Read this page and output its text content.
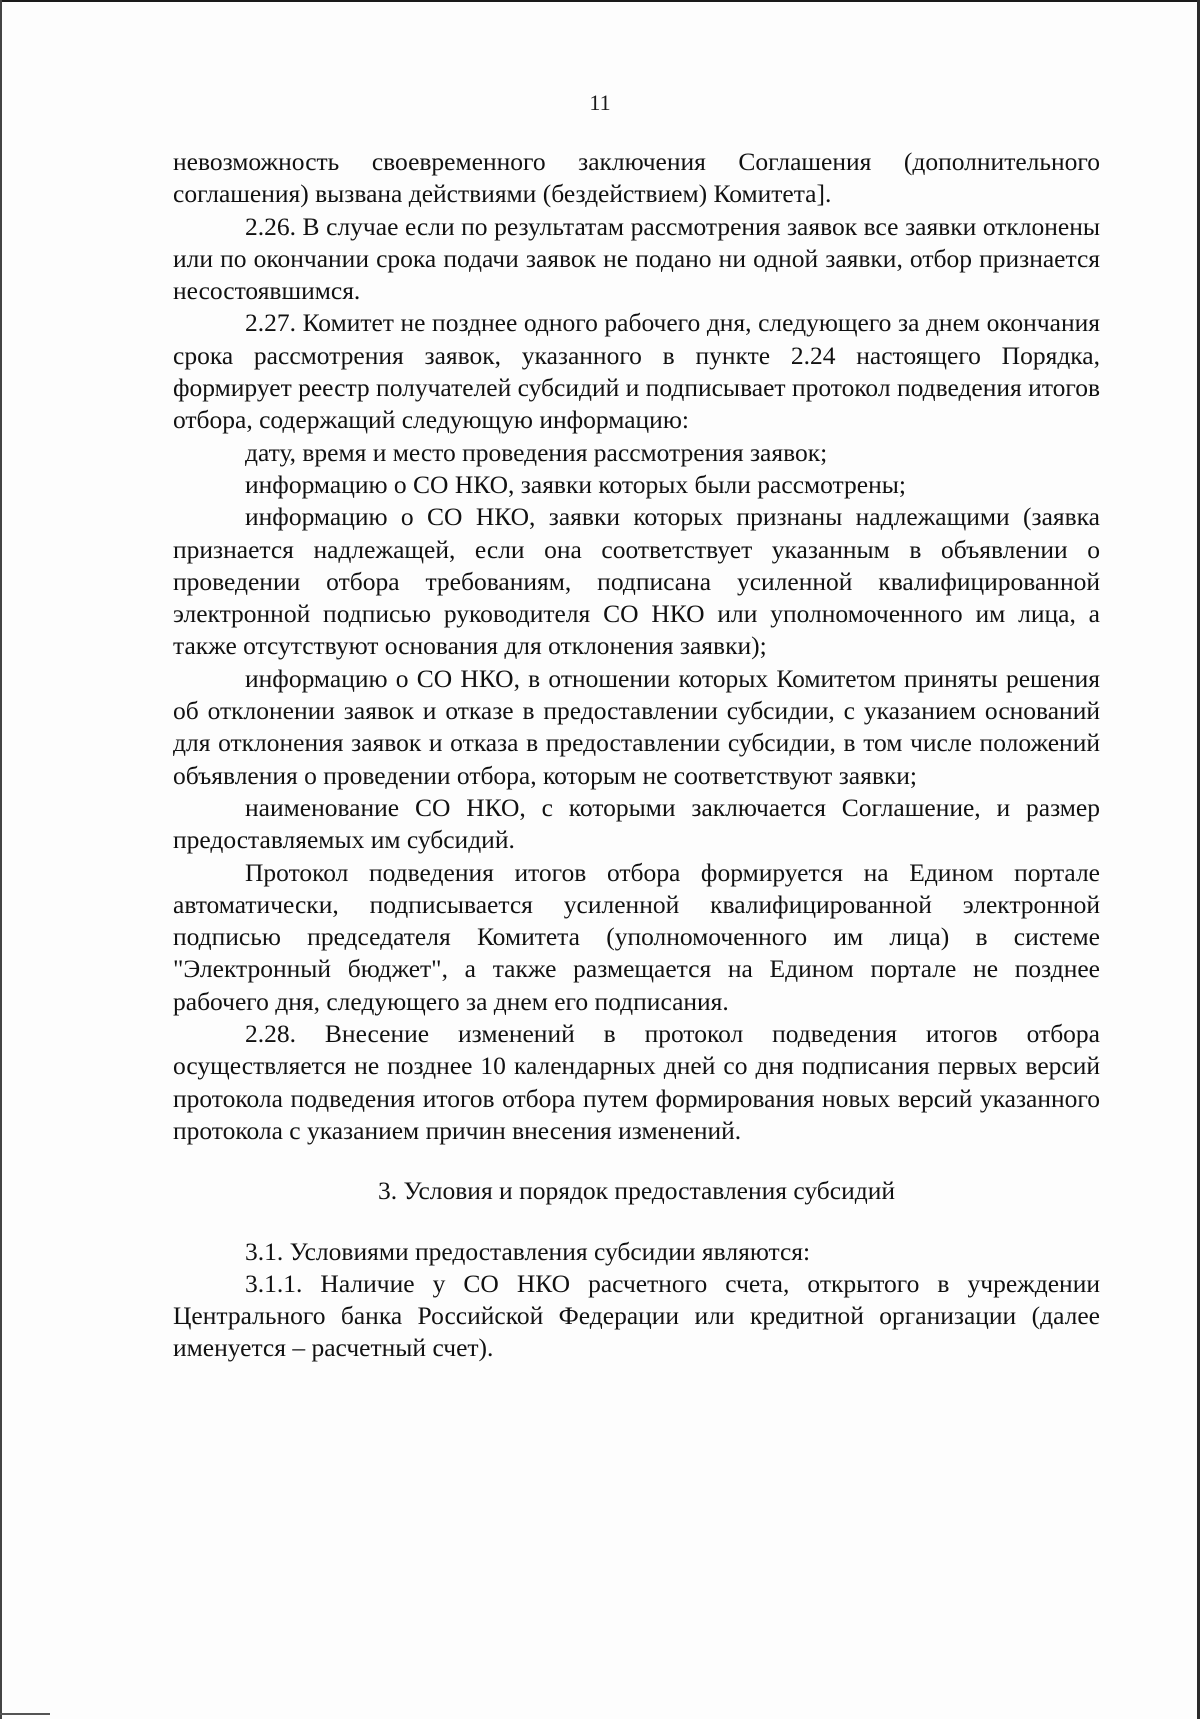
11

невозможность своевременного заключения Соглашения (дополнительного соглашения) вызвана действиями (бездействием) Комитета].

2.26. В случае если по результатам рассмотрения заявок все заявки отклонены или по окончании срока подачи заявок не подано ни одной заявки, отбор признается несостоявшимся.

2.27. Комитет не позднее одного рабочего дня, следующего за днем окончания срока рассмотрения заявок, указанного в пункте 2.24 настоящего Порядка, формирует реестр получателей субсидий и подписывает протокол подведения итогов отбора, содержащий следующую информацию:

дату, время и место проведения рассмотрения заявок;

информацию о СО НКО, заявки которых были рассмотрены;

информацию о СО НКО, заявки которых признаны надлежащими (заявка признается надлежащей, если она соответствует указанным в объявлении о проведении отбора требованиям, подписана усиленной квалифицированной электронной подписью руководителя СО НКО или уполномоченного им лица, а также отсутствуют основания для отклонения заявки);

информацию о СО НКО, в отношении которых Комитетом приняты решения об отклонении заявок и отказе в предоставлении субсидии, с указанием оснований для отклонения заявок и отказа в предоставлении субсидии, в том числе положений объявления о проведении отбора, которым не соответствуют заявки;

наименование СО НКО, с которыми заключается Соглашение, и размер предоставляемых им субсидий.

Протокол подведения итогов отбора формируется на Едином портале автоматически, подписывается усиленной квалифицированной электронной подписью председателя Комитета (уполномоченного им лица) в системе "Электронный бюджет", а также размещается на Едином портале не позднее рабочего дня, следующего за днем его подписания.

2.28. Внесение изменений в протокол подведения итогов отбора осуществляется не позднее 10 календарных дней со дня подписания первых версий протокола подведения итогов отбора путем формирования новых версий указанного протокола с указанием причин внесения изменений.

3. Условия и порядок предоставления субсидий

3.1. Условиями предоставления субсидии являются:

3.1.1. Наличие у СО НКО расчетного счета, открытого в учреждении Центрального банка Российской Федерации или кредитной организации (далее именуется – расчетный счет).
